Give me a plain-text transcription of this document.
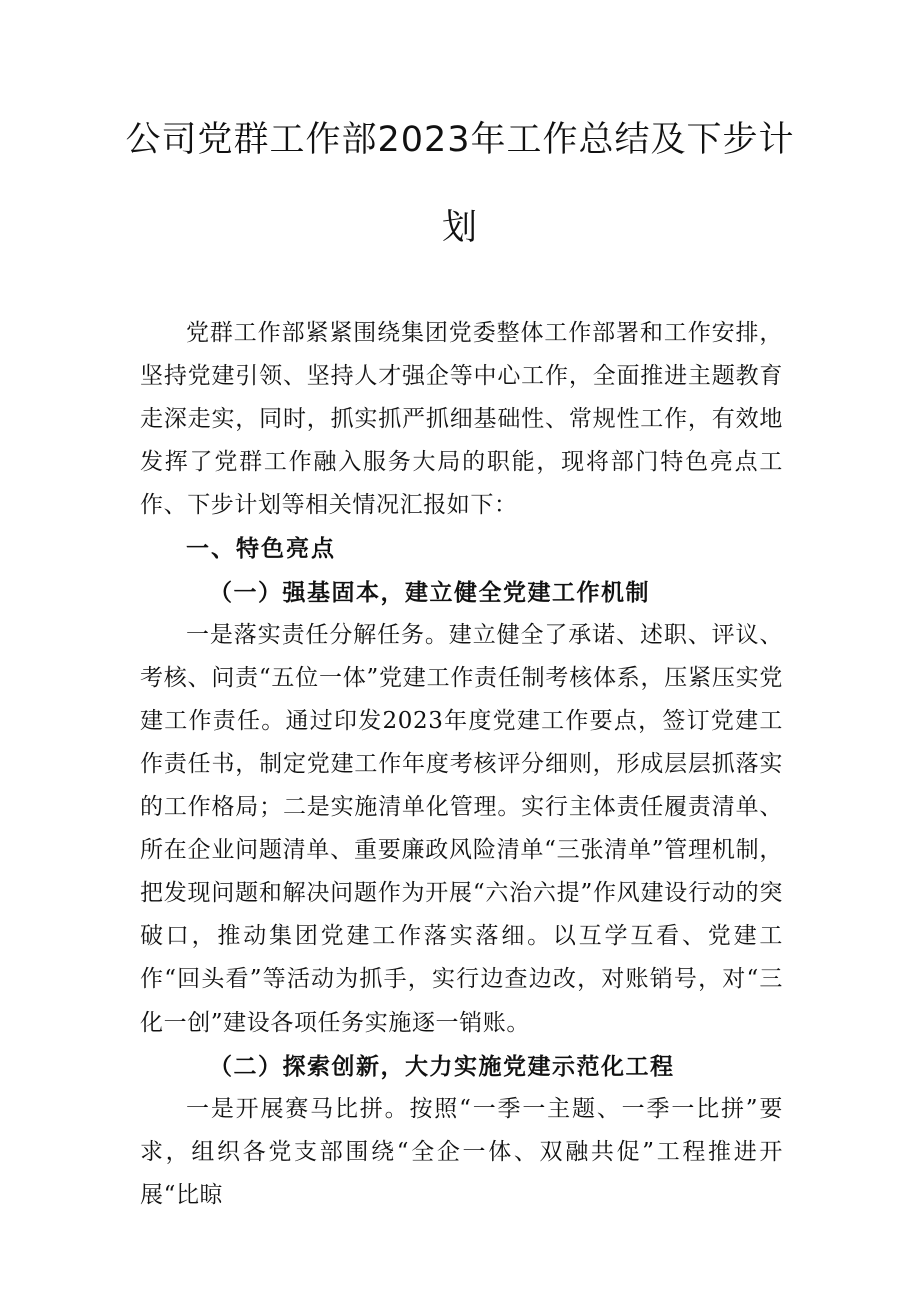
公司党群工作部2023年工作总结及下步计
划

党群工作部紧紧围绕集团党委整体工作部署和工作安排，坚持党建引领、坚持人才强企等中心工作，全面推进主题教育走深走实，同时，抓实抓严抓细基础性、常规性工作，有效地发挥了党群工作融入服务大局的职能，现将部门特色亮点工作、下步计划等相关情况汇报如下：

一、特色亮点

（一）强基固本，建立健全党建工作机制

一是落实责任分解任务。建立健全了承诺、述职、评议、考核、问责“五位一体”党建工作责任制考核体系，压紧压实党建工作责任。通过印发2023年度党建工作要点，签订党建工作责任书，制定党建工作年度考核评分细则，形成层层抓落实的工作格局；二是实施清单化管理。实行主体责任履责清单、所在企业问题清单、重要廉政风险清单“三张清单”管理机制，把发现问题和解决问题作为开展“六治六提”作风建设行动的突破口，推动集团党建工作落实落细。以互学互看、党建工作“回头看”等活动为抓手，实行边查边改，对账销号，对“三化一创”建设各项任务实施逐一销账。

（二）探索创新，大力实施党建示范化工程

一是开展赛马比拼。按照“一季一主题、一季一比拼”要求，组织各党支部围绕“全企一体、双融共促”工程推进开展“比晾
